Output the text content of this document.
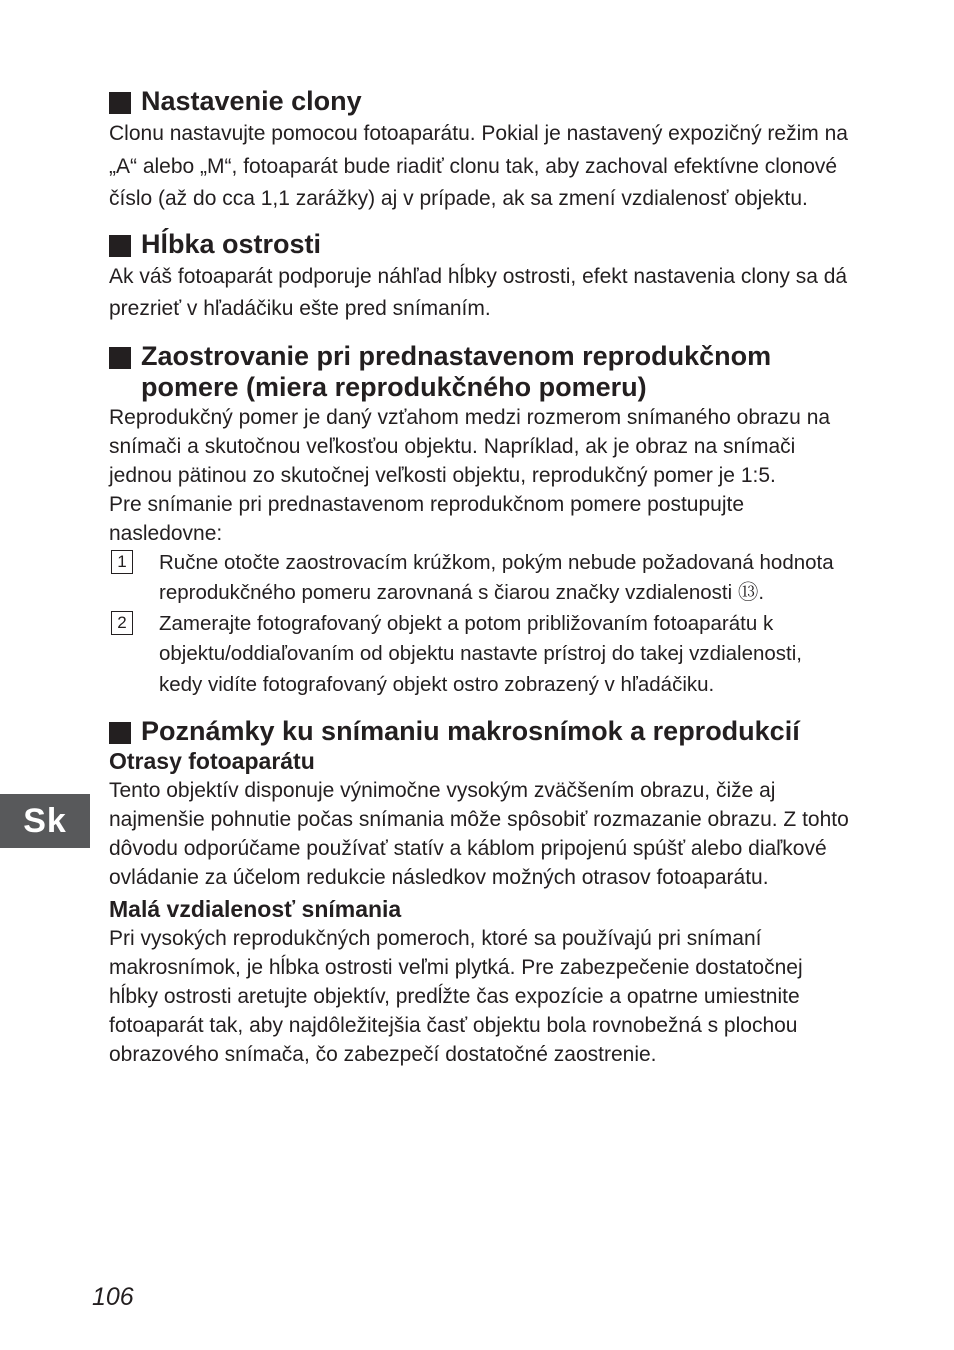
Nastavenie clony

Clonu nastavujte pomocou fotoaparátu. Pokial je nastavený expozičný režim na „A“ alebo „M“, fotoaparát bude riadiť clonu tak, aby zachoval efektívne clonové číslo (až do cca 1,1 zarážky) aj v prípade, ak sa zmení vzdialenosť objektu.

Hĺbka ostrosti

Ak váš fotoaparát podporuje náhľad hĺbky ostrosti, efekt nastavenia clony sa dá prezrieť v hľadáčiku ešte pred snímaním.

Zaostrovanie pri prednastavenom reprodukčnom
pomere (miera reprodukčného pomeru)

Reprodukčný pomer je daný vzťahom medzi rozmerom snímaného obrazu na snímači a skutočnou veľkosťou objektu. Napríklad, ak je obraz na snímači jednou pätinou zo skutočnej veľkosti objektu, reprodukčný pomer je 1:5.

Pre snímanie pri prednastavenom reprodukčnom pomere postupujte nasledovne:

1	Ručne otočte zaostrovacím krúžkom, pokým nebude požadovaná hodnota reprodukčného pomeru zarovnaná s čiarou značky vzdialenosti ⑬.
2	Zamerajte fotografovaný objekt a potom približovaním fotoaparátu k objektu/oddiaľovaním od objektu nastavte prístroj do takej vzdialenosti, kedy vidíte fotografovaný objekt ostro zobrazený v hľadáčiku.
Poznámky ku snímaniu makrosnímok a reprodukcií

Otrasy fotoaparátu

Tento objektív disponuje výnimočne vysokým zväčšením obrazu, čiže aj najmenšie pohnutie počas snímania môže spôsobiť rozmazanie obrazu. Z tohto dôvodu odporúčame používať statív a káblom pripojenú spúšť alebo diaľkové ovládanie za účelom redukcie následkov možných otrasov fotoaparátu.

Malá vzdialenosť snímania

Pri vysokých reprodukčných pomeroch, ktoré sa používajú pri snímaní makrosnímok, je hĺbka ostrosti veľmi plytká. Pre zabezpečenie dostatočnej hĺbky ostrosti aretujte objektív, predĺžte čas expozície a opatrne umiestnite fotoaparát tak, aby najdôležitejšia časť objektu bola rovnobežná s plochou obrazového snímača, čo zabezpečí dostatočné zaostrenie.

Sk
106
